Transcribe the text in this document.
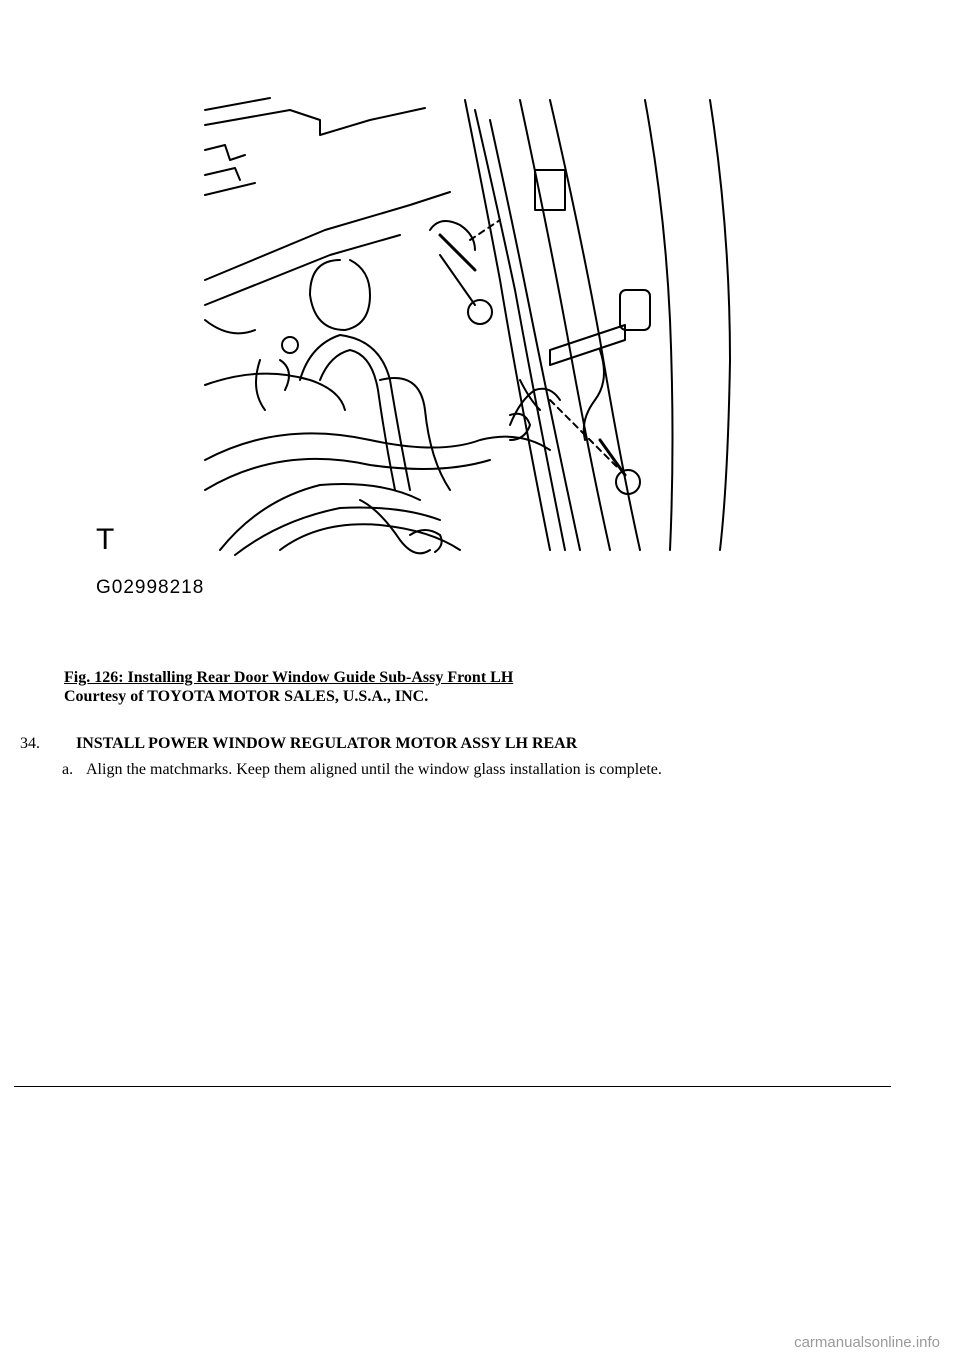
T
G02998218
Fig. 126: Installing Rear Door Window Guide Sub-Assy Front LH
Courtesy of TOYOTA MOTOR SALES, U.S.A., INC.
34. INSTALL POWER WINDOW REGULATOR MOTOR ASSY LH REAR
a. Align the matchmarks. Keep them aligned until the window glass installation is complete.
carmanualsonline.info
